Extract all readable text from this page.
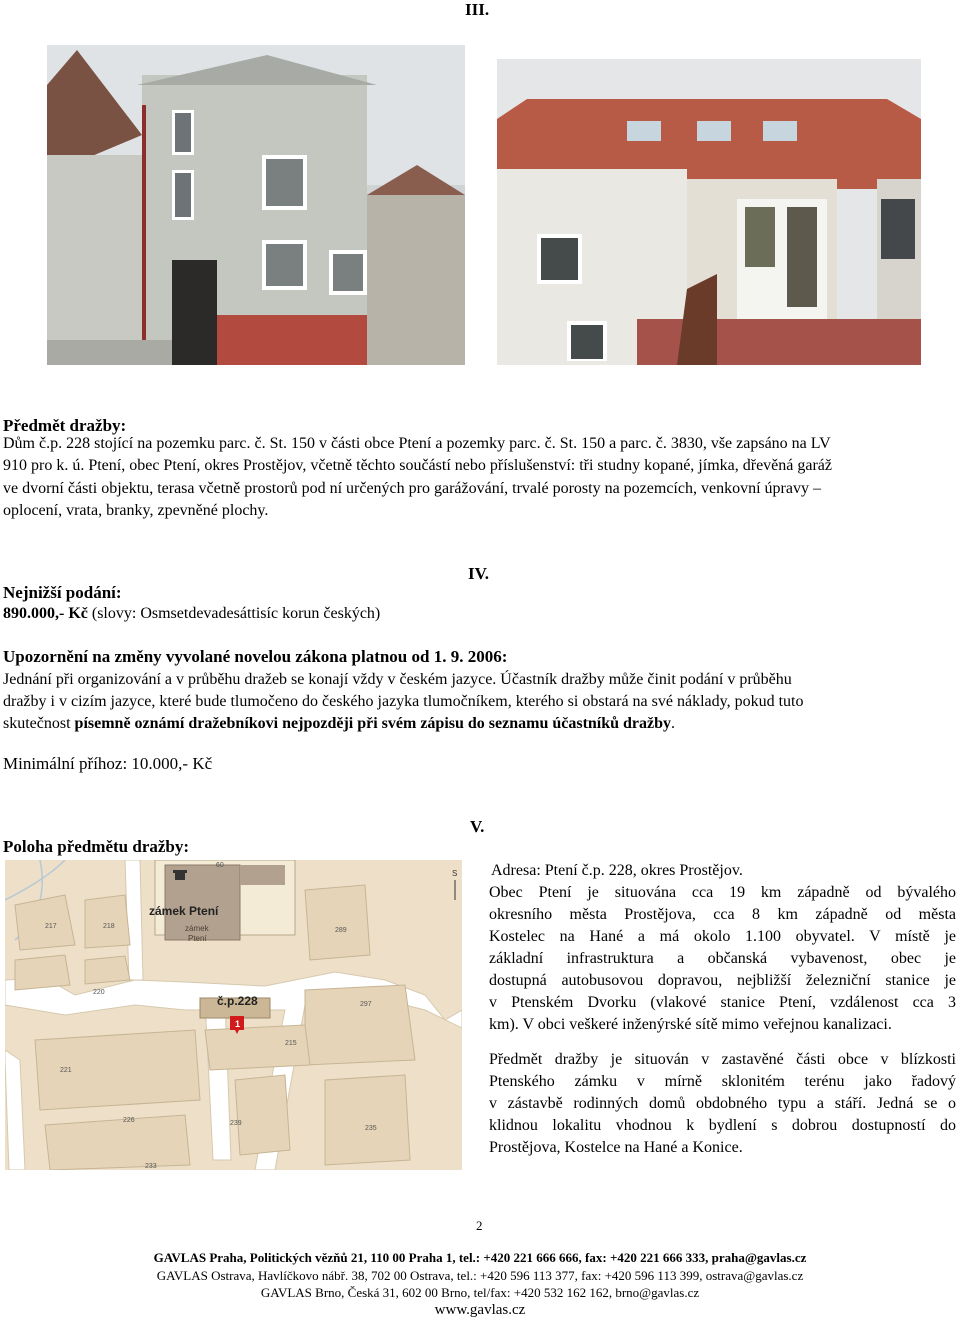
III.
Předmět dražby:
Dům č.p. 228 stojící na pozemku parc. č. St. 150 v části obce Ptení a pozemky parc. č. St. 150 a parc. č. 3830, vše zapsáno na LV
910 pro k. ú. Ptení, obec Ptení, okres Prostějov, včetně těchto součástí nebo příslušenství: tři studny kopané, jímka, dřevěná garáž
ve dvorní části objektu, terasa včetně prostorů pod ní určených pro garážování, trvalé porosty na pozemcích, venkovní úpravy –
oplocení, vrata, branky, zpevněné plochy.
IV.
Nejnižší podání:
890.000,- Kč (slovy: Osmsetdevadesáttisíc korun českých)
Upozornění na změny vyvolané novelou zákona platnou od 1. 9. 2006:
Jednání při organizování a v průběhu dražeb se konají vždy v českém jazyce. Účastník dražby může činit podání v průběhu
dražby i v cizím jazyce, které bude tlumočeno do českého jazyka tlumočníkem, kterého si obstará na své náklady, pokud tuto
skutečnost písemně oznámí dražebníkovi nejpozději při svém zápisu do seznamu účastníků dražby.
Minimální příhoz: 10.000,- Kč
V.
Poloha předmětu dražby:
60
217	218
289
220
297
221
215
239
226
233
235
zámek Ptení
zámek
Ptení
č.p.228
1
S Adresa: Ptení č.p. 228, okres Prostějov.
Obec Ptení je situována cca 19 km západně od bývalého
okresního města Prostějova, cca 8 km západně od města
Kostelec na Hané a má okolo 1.100 obyvatel. V místě je
základní infrastruktura a občanská vybavenost, obec je
dostupná autobusovou dopravou, nejbližší železniční stanice je
v Ptenském Dvorku (vlakové stanice Ptení, vzdálenost cca 3
km). V obci veškeré inženýrské sítě mimo veřejnou kanalizaci.
Předmět dražby je situován v zastavěné části obce v blízkosti
Ptenského zámku v mírně sklonitém terénu jako řadový
v zástavbě rodinných domů obdobného typu a stáří. Jedná se o
klidnou lokalitu vhodnou k bydlení s dobrou dostupností do
Prostějova, Kostelce na Hané a Konice.
2
GAVLAS Praha, Politických vězňů 21, 110 00 Praha 1, tel.: +420 221 666 666, fax: +420 221 666 333, praha@gavlas.cz
GAVLAS Ostrava, Havlíčkovo nábř. 38, 702 00 Ostrava, tel.: +420 596 113 377, fax: +420 596 113 399, ostrava@gavlas.cz
GAVLAS Brno, Česká 31, 602 00 Brno, tel/fax: +420 532 162 162, brno@gavlas.cz
www.gavlas.cz
